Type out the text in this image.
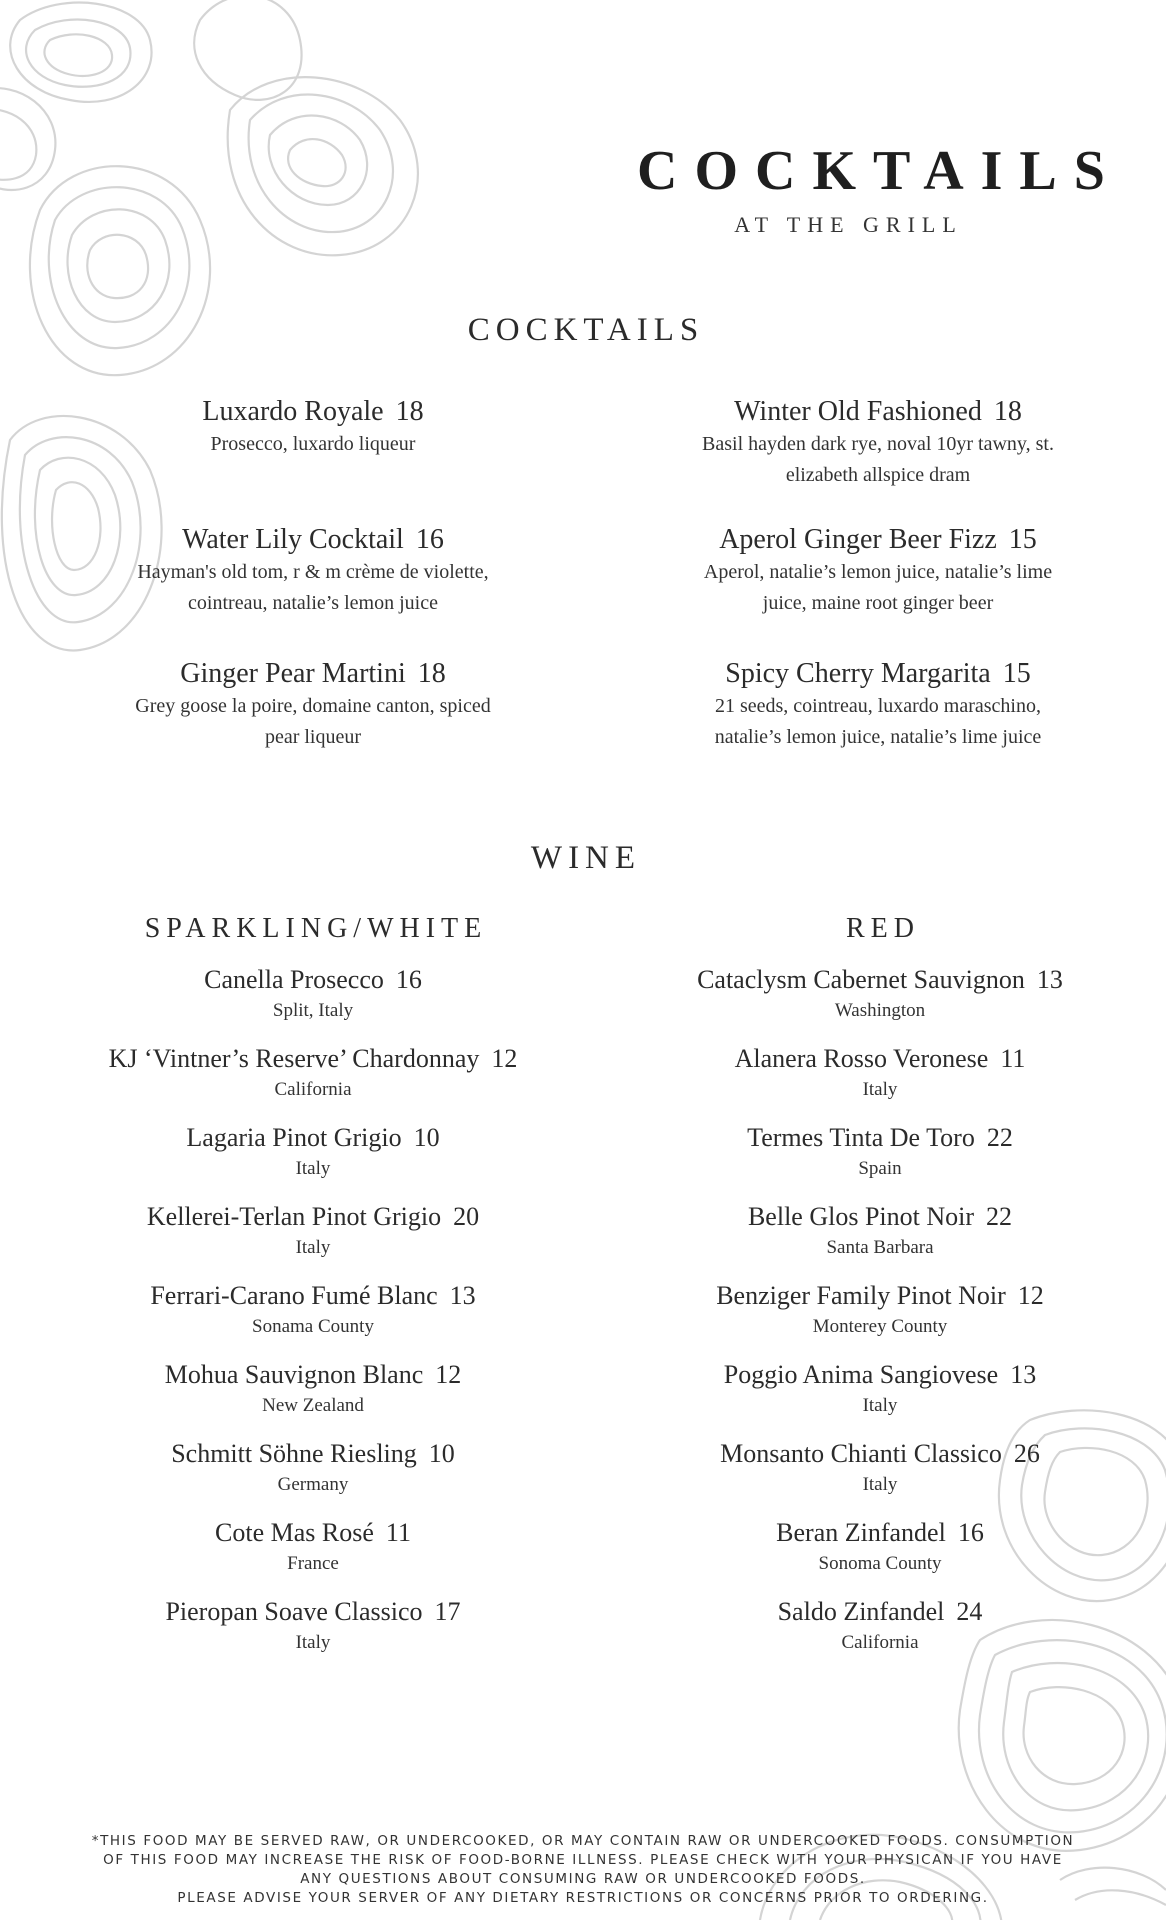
COCKTAILS
AT THE GRILL
COCKTAILS
Luxardo Royale 18
Prosecco, luxardo liqueur
Water Lily Cocktail 16
Hayman's old tom, r & m crème de violette, cointreau, natalie’s lemon juice
Ginger Pear Martini 18
Grey goose la poire, domaine canton, spiced pear liqueur
Winter Old Fashioned 18
Basil hayden dark rye, noval 10yr tawny, st. elizabeth allspice dram
Aperol Ginger Beer Fizz 15
Aperol, natalie’s lemon juice, natalie’s lime juice, maine root ginger beer
Spicy Cherry Margarita 15
21 seeds, cointreau, luxardo maraschino, natalie’s lemon juice, natalie’s lime juice
WINE
SPARKLING/WHITE
Canella Prosecco 16
Split, Italy
KJ ‘Vintner’s Reserve’ Chardonnay 12
California
Lagaria Pinot Grigio 10
Italy
Kellerei-Terlan Pinot Grigio 20
Italy
Ferrari-Carano Fumé Blanc 13
Sonama County
Mohua Sauvignon Blanc 12
New Zealand
Schmitt Söhne Riesling 10
Germany
Cote Mas Rosé 11
France
Pieropan Soave Classico 17
Italy
RED
Cataclysm Cabernet Sauvignon 13
Washington
Alanera Rosso Veronese 11
Italy
Termes Tinta De Toro 22
Spain
Belle Glos Pinot Noir 22
Santa Barbara
Benziger Family Pinot Noir 12
Monterey County
Poggio Anima Sangiovese 13
Italy
Monsanto Chianti Classico 26
Italy
Beran Zinfandel 16
Sonoma County
Saldo Zinfandel 24
California
*THIS FOOD MAY BE SERVED RAW, OR UNDERCOOKED, OR MAY CONTAIN RAW OR UNDERCOOKED FOODS. CONSUMPTION
OF THIS FOOD MAY INCREASE THE RISK OF FOOD-BORNE ILLNESS. PLEASE CHECK WITH YOUR PHYSICAN IF YOU HAVE
ANY QUESTIONS ABOUT CONSUMING RAW OR UNDERCOOKED FOODS.
PLEASE ADVISE YOUR SERVER OF ANY DIETARY RESTRICTIONS OR CONCERNS PRIOR TO ORDERING.
